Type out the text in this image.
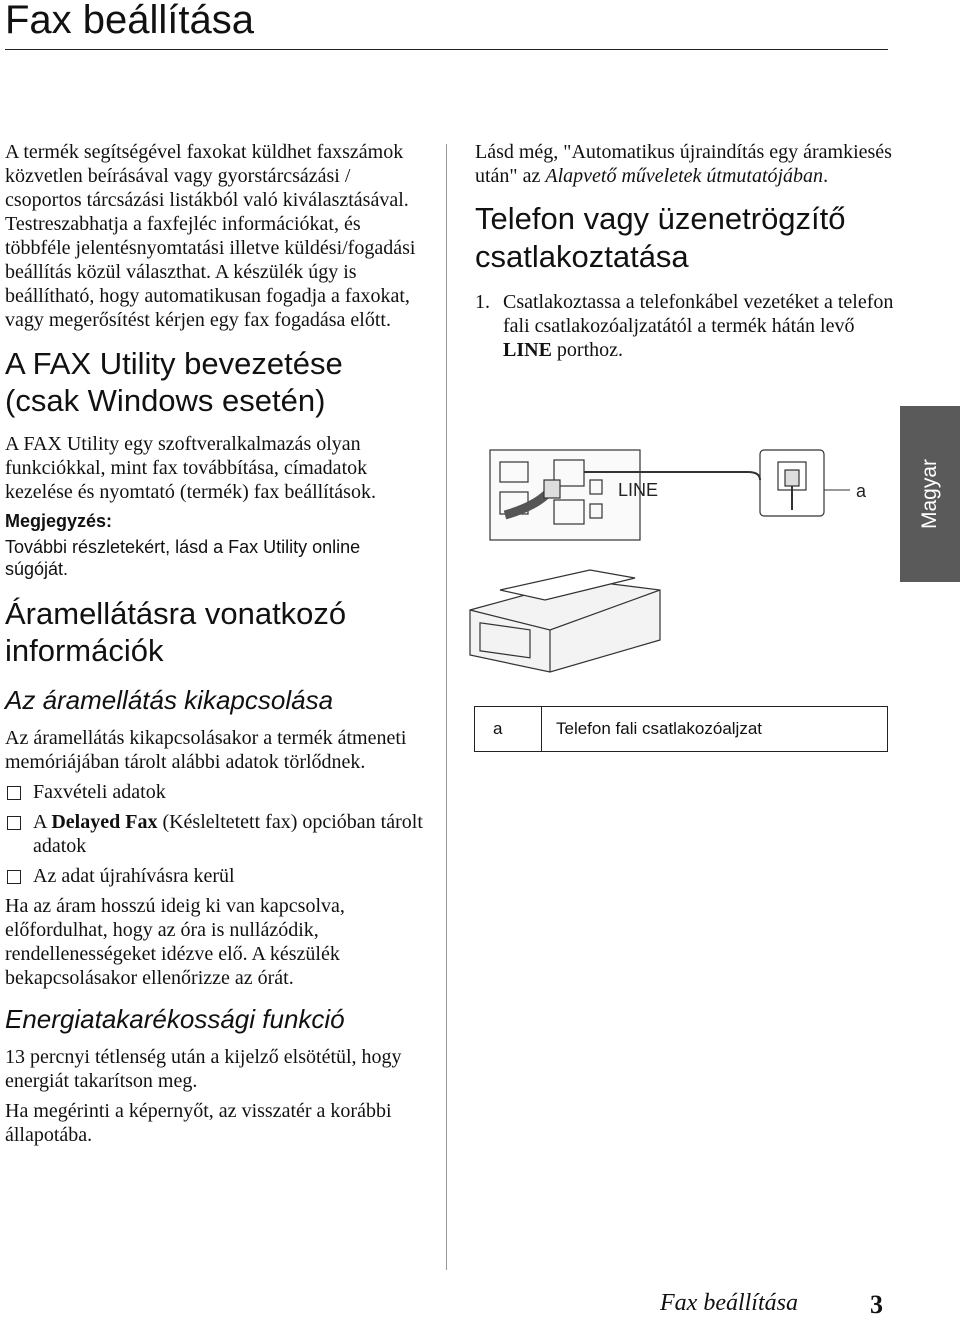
Fax beállítása

A termék segítségével faxokat küldhet faxszámok közvetlen beírásával vagy gyorstárcsázási / csoportos tárcsázási listákból való kiválasztásával. Testreszabhatja a faxfejléc információkat, és többféle jelentésnyomtatási illetve küldési/fogadási beállítás közül választhat. A készülék úgy is beállítható, hogy automatikusan fogadja a faxokat, vagy megerősítést kérjen egy fax fogadása előtt.

A FAX Utility bevezetése (csak Windows esetén)

A FAX Utility egy szoftveralkalmazás olyan funkciókkal, mint fax továbbítása, címadatok kezelése és nyomtató (termék) fax beállítások.

Megjegyzés:

További részletekért, lásd a Fax Utility online súgóját.

Áramellátásra vonatkozó információk
Az áramellátás kikapcsolása

Az áramellátás kikapcsolásakor a termék átmeneti memóriájában tárolt alábbi adatok törlődnek.

Faxvételi adatok
A Delayed Fax (Késleltetett fax) opcióban tárolt adatok
Az adat újrahívásra kerül

Ha az áram hosszú ideig ki van kapcsolva, előfordulhat, hogy az óra is nullázódik, rendellenességeket idézve elő. A készülék bekapcsolásakor ellenőrizze az órát.

Energiatakarékossági funkció

13 percnyi tétlenség után a kijelző elsötétül, hogy energiát takarítson meg.

Ha megérinti a képernyőt, az visszatér a korábbi állapotába.

Lásd még, "Automatikus újraindítás egy áramkiesés után" az Alapvető műveletek útmutatójában.

Telefon vagy üzenetrögzítő csatlakoztatása
1. Csatlakoztassa a telefonkábel vezetéket a telefon fali csatlakozóaljzatától a termék hátán levő LINE porthoz.
LINE	a
a	Telefon fali csatlakozóaljzat
Magyar
Fax beállítása	3
